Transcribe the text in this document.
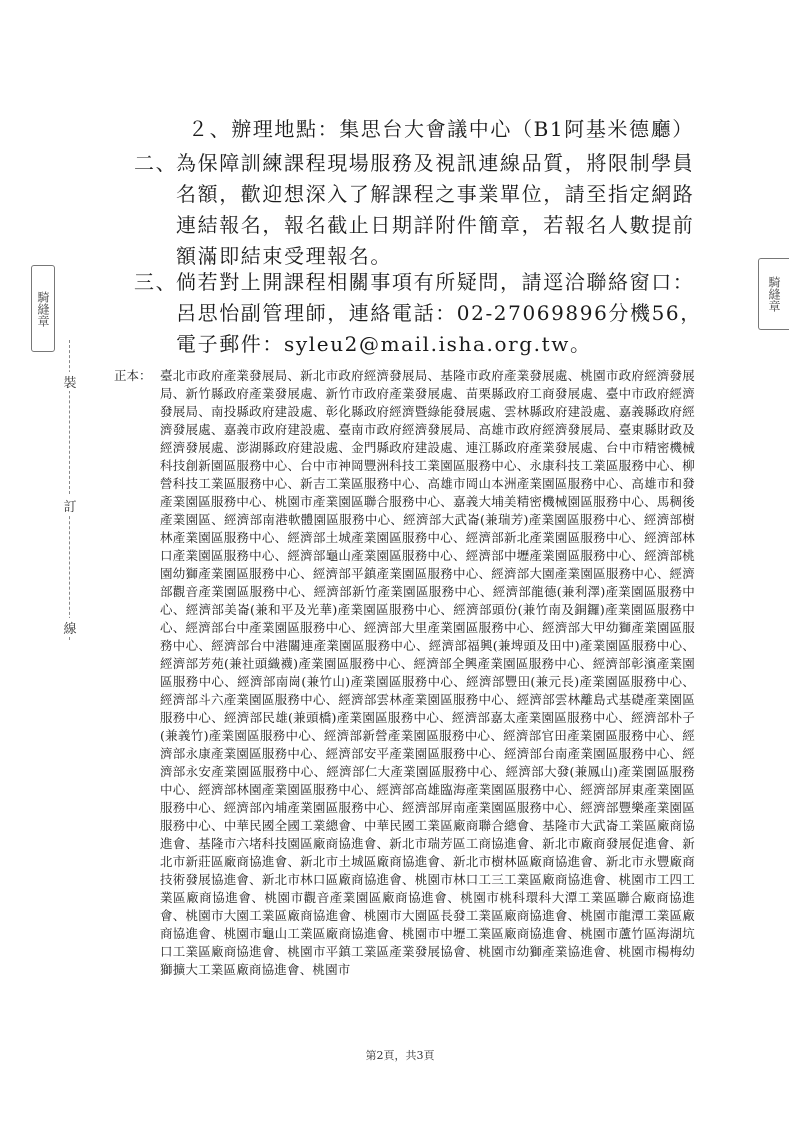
騎縫章	騎縫章
裝
訂
線
２、辦理地點：集思台大會議中心（B1阿基米德廳）
二、
為保障訓練課程現場服務及視訊連線品質，將限制學員名額，歡迎想深入了解課程之事業單位，請至指定網路連結報名，報名截止日期詳附件簡章，若報名人數提前額滿即結束受理報名。
三、
倘若對上開課程相關事項有所疑問，請逕洽聯絡窗口：呂思怡副管理師，連絡電話：02-27069896分機56，電子郵件：syleu2@mail.isha.org.tw。
正本： 臺北市政府產業發展局、新北市政府經濟發展局、基隆市政府產業發展處、桃園市政府經濟發展局、新竹縣政府產業發展處、新竹市政府產業發展處、苗栗縣政府工商發展處、臺中市政府經濟發展局、南投縣政府建設處、彰化縣政府經濟暨綠能發展處、雲林縣政府建設處、嘉義縣政府經濟發展處、嘉義市政府建設處、臺南市政府經濟發展局、高雄市政府經濟發展局、臺東縣財政及經濟發展處、澎湖縣政府建設處、金門縣政府建設處、連江縣政府產業發展處、台中市精密機械科技創新園區服務中心、台中市神岡豐洲科技工業園區服務中心、永康科技工業區服務中心、柳營科技工業區服務中心、新吉工業區服務中心、高雄市岡山本洲產業園區服務中心、高雄市和發產業園區服務中心、桃園市產業園區聯合服務中心、嘉義大埔美精密機械園區服務中心、馬稠後產業園區、經濟部南港軟體園區服務中心、經濟部大武崙(兼瑞芳)產業園區服務中心、經濟部樹林產業園區服務中心、經濟部土城產業園區服務中心、經濟部新北產業園區服務中心、經濟部林口產業園區服務中心、經濟部龜山產業園區服務中心、經濟部中壢產業園區服務中心、經濟部桃園幼獅產業園區服務中心、經濟部平鎮產業園區服務中心、經濟部大園產業園區服務中心、經濟部觀音產業園區服務中心、經濟部新竹產業園區服務中心、經濟部龍德(兼利澤)產業園區服務中心、經濟部美崙(兼和平及光華)產業園區服務中心、經濟部頭份(兼竹南及銅鑼)產業園區服務中心、經濟部台中產業園區服務中心、經濟部大里產業園區服務中心、經濟部大甲幼獅產業園區服務中心、經濟部台中港關連產業園區服務中心、經濟部福興(兼埤頭及田中)產業園區服務中心、經濟部芳苑(兼社頭織襪)產業園區服務中心、經濟部全興產業園區服務中心、經濟部彰濱產業園區服務中心、經濟部南崗(兼竹山)產業園區服務中心、經濟部豐田(兼元長)產業園區服務中心、經濟部斗六產業園區服務中心、經濟部雲林產業園區服務中心、經濟部雲林離島式基礎產業園區服務中心、經濟部民雄(兼頭橋)產業園區服務中心、經濟部嘉太產業園區服務中心、經濟部朴子(兼義竹)產業園區服務中心、經濟部新營產業園區服務中心、經濟部官田產業園區服務中心、經濟部永康產業園區服務中心、經濟部安平產業園區服務中心、經濟部台南產業園區服務中心、經濟部永安產業園區服務中心、經濟部仁大產業園區服務中心、經濟部大發(兼鳳山)產業園區服務中心、經濟部林園產業園區服務中心、經濟部高雄臨海產業園區服務中心、經濟部屏東產業園區服務中心、經濟部內埔產業園區服務中心、經濟部屏南產業園區服務中心、經濟部豐樂產業園區服務中心、中華民國全國工業總會、中華民國工業區廠商聯合總會、基隆市大武崙工業區廠商協進會、基隆市六堵科技園區廠商協進會、新北市瑞芳區工商協進會、新北市廠商發展促進會、新北市新莊區廠商協進會、新北市土城區廠商協進會、新北市樹林區廠商協進會、新北市永豐廠商技術發展協進會、新北市林口區廠商協進會、桃園市林口工三工業區廠商協進會、桃園市工四工業區廠商協進會、桃園市觀音產業園區廠商協進會、桃園市桃科環科大潭工業區聯合廠商協進會、桃園市大園工業區廠商協進會、桃園市大園區長發工業區廠商協進會、桃園市龍潭工業區廠商協進會、桃園市龜山工業區廠商協進會、桃園市中壢工業區廠商協進會、桃園市蘆竹區海湖坑口工業區廠商協進會、桃園市平鎮工業區產業發展協會、桃園市幼獅產業協進會、桃園市楊梅幼獅擴大工業區廠商協進會、桃園市
第2頁，共3頁
